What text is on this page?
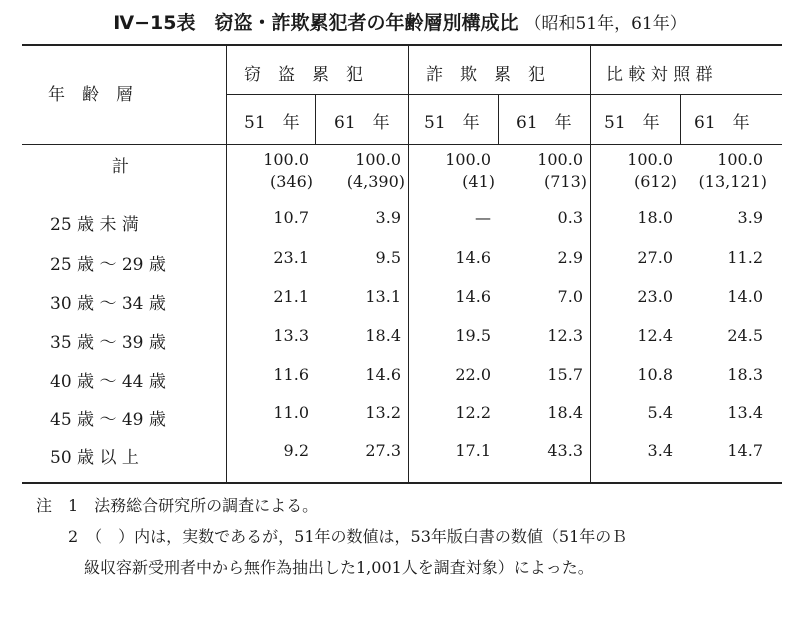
Ⅳ−15表　窃盗・詐欺累犯者の年齢層別構成比 （昭和51年，61年）
年　齢　層
窃　盗　累　犯	詐　欺　累　犯	比 較 対 照 群
51　年 61　年 51　年 61　年 51　年 61　年
計	100.0	100.0	100.0	100.0	100.0	100.0
(346) (4,390)	(41)	(713)	(612) (13,121)
25 歳 未 満	10.7	3.9	—	0.3	18.0	3.9
25 歳 ～ 29 歳	23.1	9.5	14.6	2.9	27.0	11.2
30 歳 ～ 34 歳	21.1	13.1	14.6	7.0	23.0	14.0
35 歳 ～ 39 歳	13.3	18.4	19.5	12.3	12.4	24.5
40 歳 ～ 44 歳	11.6	14.6	22.0	15.7	10.8	18.3
45 歳 ～ 49 歳	11.0	13.2	12.2	18.4	5.4	13.4
50 歳 以 上	9.2	27.3	17.1	43.3	3.4	14.7
注　1　法務総合研究所の調査による。
　　2　（　）内は，実数であるが，51年の数値は，53年版白書の数値（51年のＢ
　　　級収容新受刑者中から無作為抽出した1,001人を調査対象）によった。
